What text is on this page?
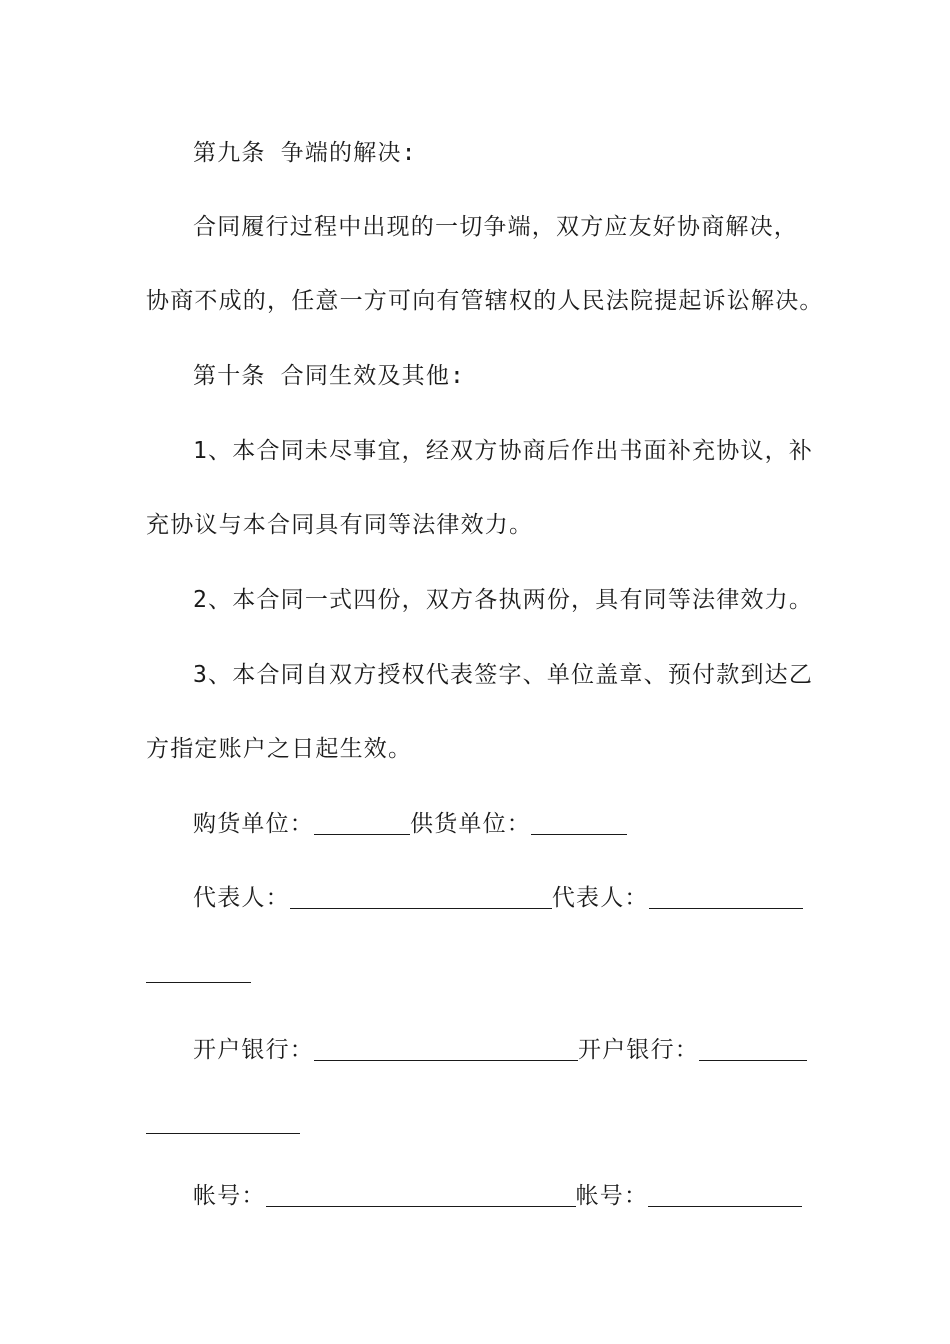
第九条 争端的解决:
合同履行过程中出现的一切争端，双方应友好协商解决，
协商不成的，任意一方可向有管辖权的人民法院提起诉讼解决。
第十条 合同生效及其他:
1、本合同未尽事宜，经双方协商后作出书面补充协议，补
充协议与本合同具有同等法律效力。
2、本合同一式四份，双方各执两份，具有同等法律效力。
3、本合同自双方授权代表签字、单位盖章、预付款到达乙
方指定账户之日起生效。
购货单位：	供货单位：
代表人：	代表人：
开户银行：	开户银行：
帐号：	帐号：
